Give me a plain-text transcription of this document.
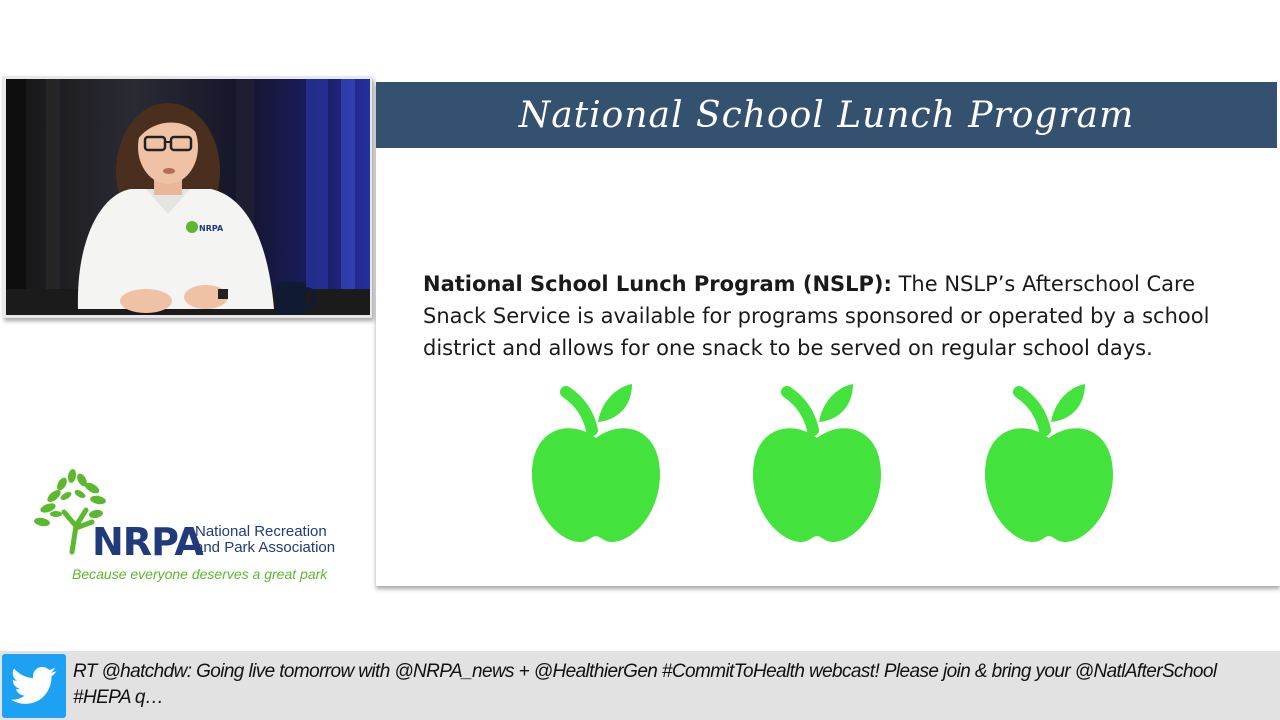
NRPA
National School Lunch Program
National School Lunch Program (NSLP): The NSLP’s Afterschool Care Snack Service is available for programs sponsored or operated by a school district and allows for one snack to be served on regular school days.
NRPA
National Recreation
and Park Association
Because everyone deserves a great park
RT @hatchdw: Going live tomorrow with @NRPA_news + @HealthierGen #CommitToHealth webcast! Please join & bring your @NatlAfterSchool #HEPA q…
